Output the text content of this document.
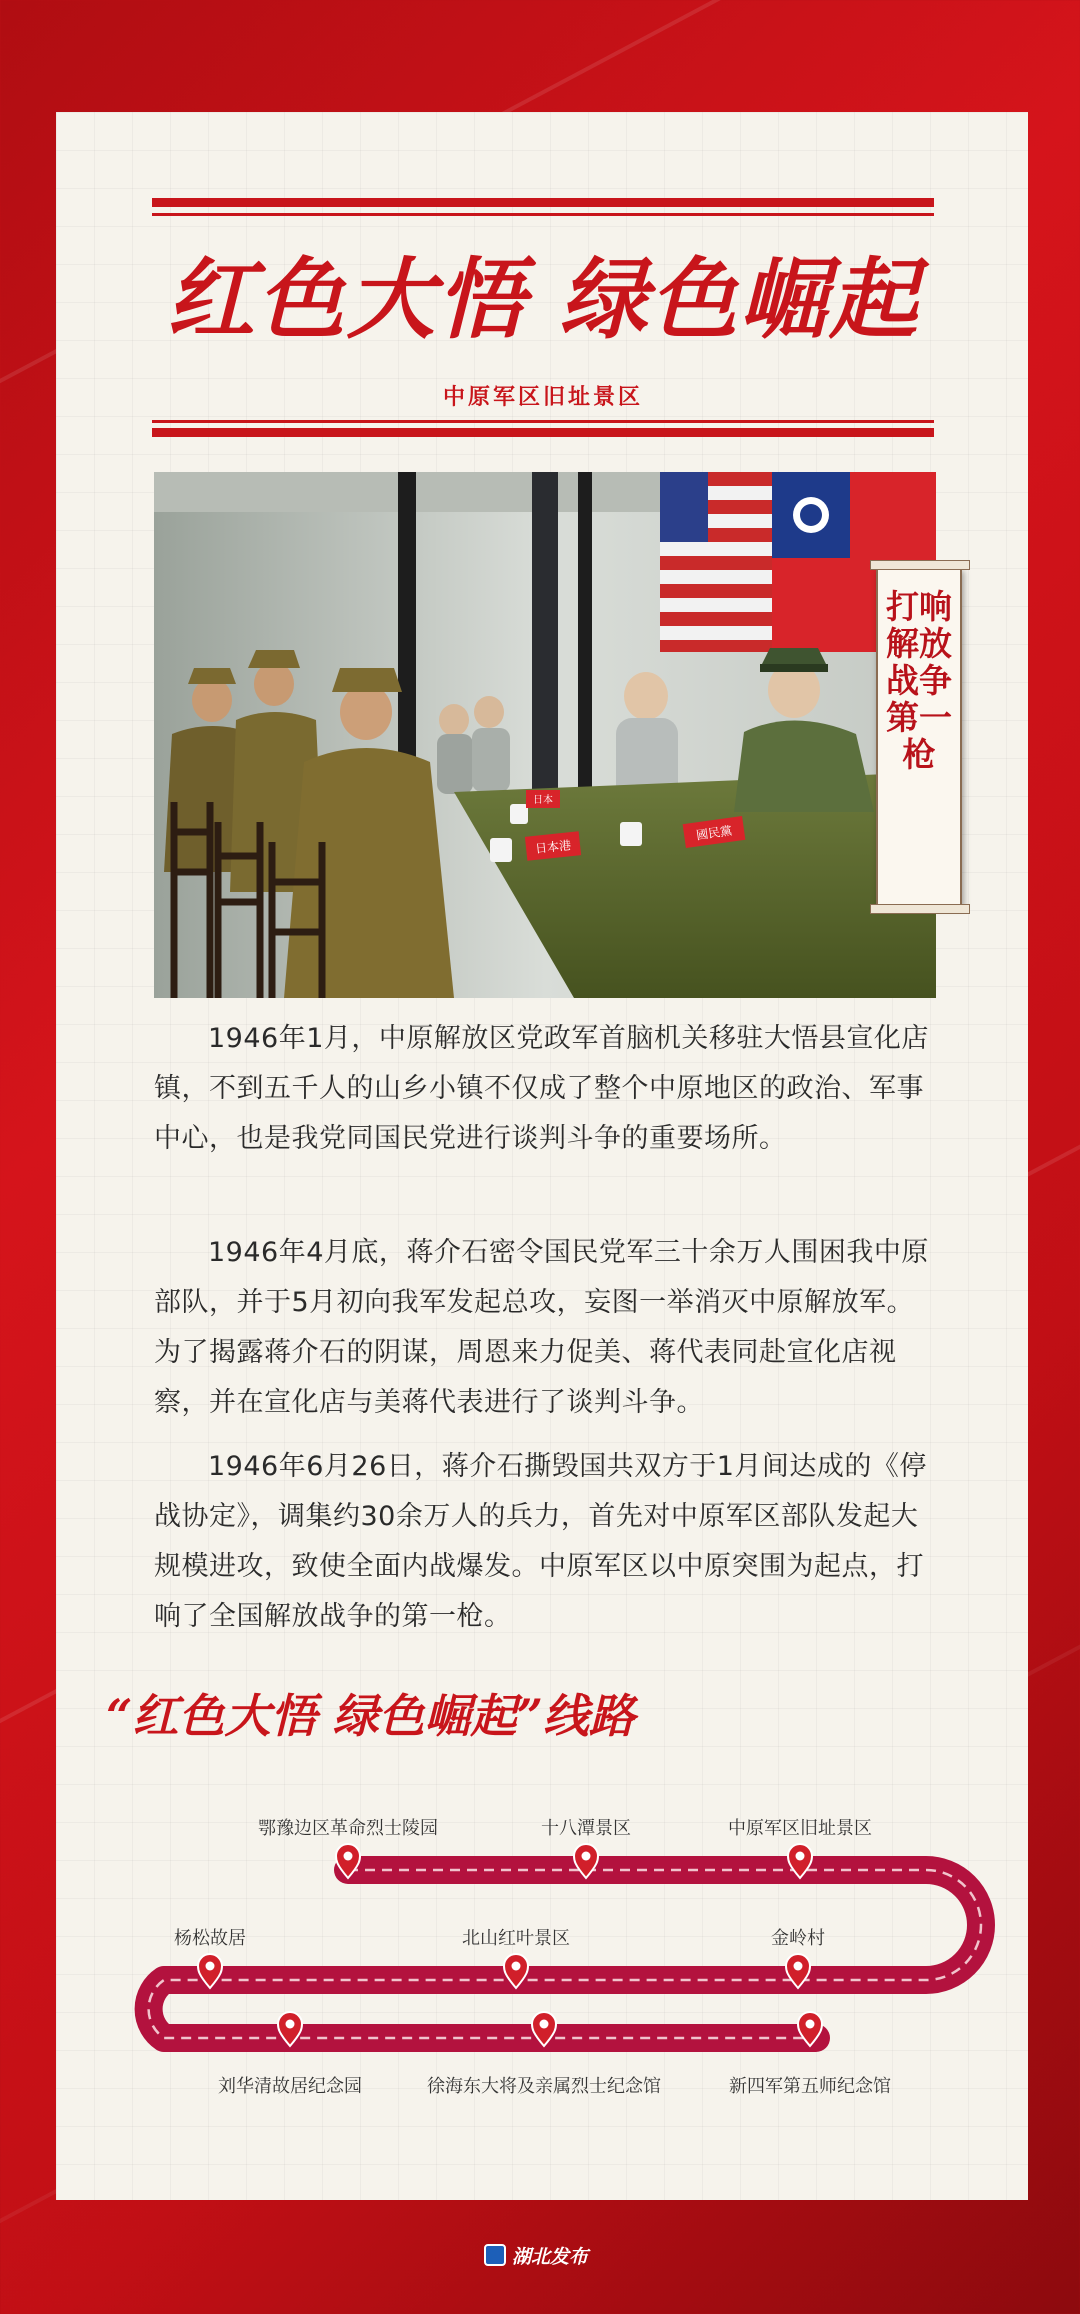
红色大悟 绿色崛起
中原军区旧址景区
日本
日本港
國民黨
打响解放战争第一枪

1946年1月，中原解放区党政军首脑机关移驻大悟县宣化店镇，不到五千人的山乡小镇不仅成了整个中原地区的政治、军事中心，也是我党同国民党进行谈判斗争的重要场所。

1946年4月底，蒋介石密令国民党军三十余万人围困我中原部队，并于5月初向我军发起总攻，妄图一举消灭中原解放军。为了揭露蒋介石的阴谋，周恩来力促美、蒋代表同赴宣化店视察，并在宣化店与美蒋代表进行了谈判斗争。

1946年6月26日，蒋介石撕毁国共双方于1月间达成的《停战协定》，调集约30余万人的兵力，首先对中原军区部队发起大规模进攻，致使全面内战爆发。中原军区以中原突围为起点，打响了全国解放战争的第一枪。

“红色大悟 绿色崛起”线路
鄂豫边区革命烈士陵园	十八潭景区	中原军区旧址景区
杨松故居	北山红叶景区	金岭村
刘华清故居纪念园	徐海东大将及亲属烈士纪念馆	新四军第五师纪念馆
湖北发布
